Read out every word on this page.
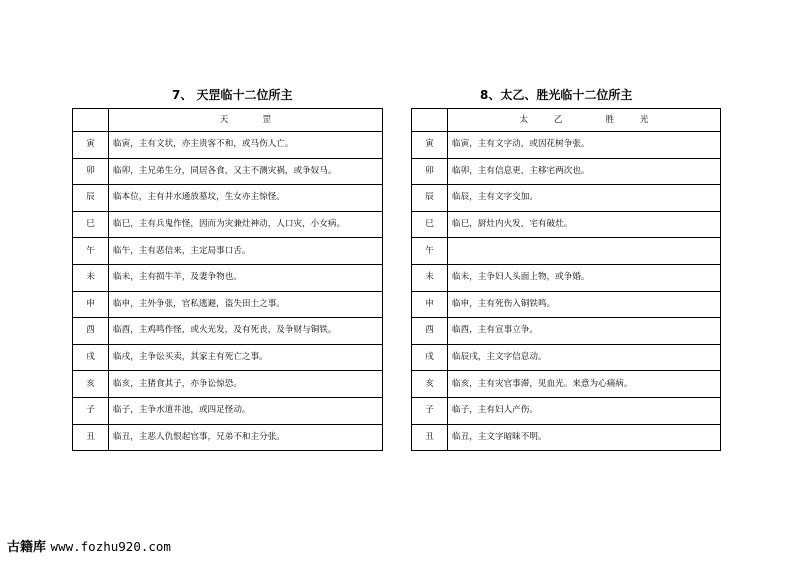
7、 天罡临十二位所主	8、太乙、胜光临十二位所主
	天　　　　罡
寅	临寅，主有文状，亦主贵客不和，或马伤人亡。
卯	临卯，主兄弟生分，同居各食，又主不测灾祸，或争奴马。
辰	临本位，主有井水通放墓坟，生女亦主惊怪。
巳	临巳，主有兵鬼作怪，因而为灾兼灶神动，人口灾，小女病。
午	临午，主有恶信来，主定局事口舌。
未	临未，主有损牛羊，及妻争物也。
申	临申，主外争张，官私逃避，盗失田土之事。
酉	临酉，主鸡鸣作怪，或火光发，及有死丧，及争财与铜铁。
戌	临戌，主争讼买卖，其家主有死亡之事。
亥	临亥，主猪食其子，亦争讼惊恐。
子	临子，主争水道井池，或四足怪动。
丑	临丑，主恶人仇恨起官事，兄弟不和主分张。
	太　　　乙　　　　　胜　　　光
寅	临寅，主有文字动，或因花树争张。
卯	临卯，主有信息更，主移宅两次也。
辰	临辰，主有文字交加。
巳	临巳，厨灶内火发，宅有破灶。
午	
未	临未，主争妇人头面上物，或争婚。
申	临申，主有死伤入铜铁鸣。
酉	临酉，主有宣事立争。
戌	临辰戌，主文字信息动。
亥	临亥，主有灾官事滞，见血光。来意为心痛病。
子	临子，主有妇人产伤。
丑	临丑，主文字暗昧不明。
古籍库 www.fozhu920.com
